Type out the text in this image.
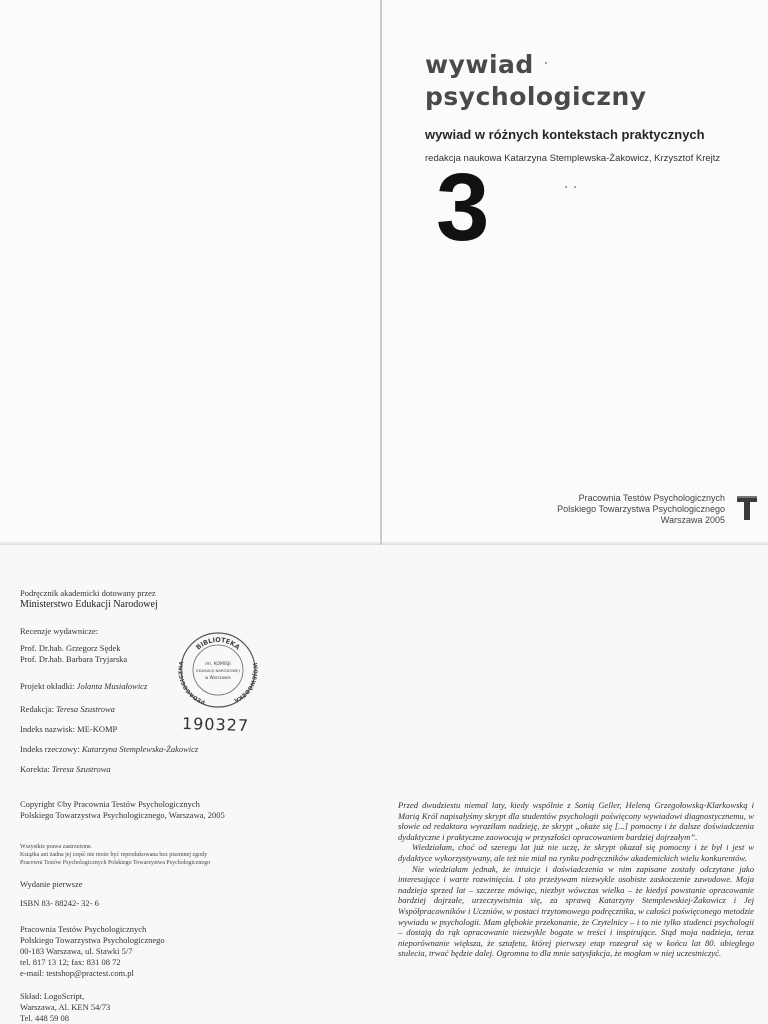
wywiad
psychologiczny
wywiad w różnych kontekstach praktycznych
redakcja naukowa Katarzyna Stemplewska-Żakowicz, Krzysztof Krejtz
3
Pracownia Testów Psychologicznych
Polskiego Towarzystwa Psychologicznego
Warszawa 2005
Podręcznik akademicki dotowany przez
Ministerstwo Edukacji Narodowej
Recenzje wydawnicze:
Prof. Dr.hab. Grzegorz Sędek
Prof. Dr.hab. Barbara Tryjarska
Projekt okładki: Jolanta Musiałowicz
Redakcja: Teresa Szustrowa
Indeks nazwisk: ME-KOMP
Indeks rzeczowy: Katarzyna Stemplewska-Żakowicz
Korekta: Teresa Szustrowa
Copyright ©by Pracownia Testów Psychologicznych
Polskiego Towarzystwa Psychologicznego, Warszawa, 2005
Wszystkie prawa zastrzeżone.
Książka ani żadna jej część nie może być reprodukowana bez pisemnej zgody
Pracowni Testów Psychologicznych Polskiego Towarzystwa Psychologicznego
Wydanie pierwsze
ISBN 83- 88242- 32- 6
Pracownia Testów Psychologicznych
Polskiego Towarzystwa Psychologicznego
00-183 Warszawa, ul. Stawki 5/7
tel. 817 13 12; fax: 831 08 72
e-mail: testshop@practest.com.pl
Skład: LogoScript,
Warszawa, Al. KEN 54/73
Tel. 448 59 08
BIBLIOTEKA
PEDAGOGICZNA	WOJEWÓDZKA
im. KOMISJI
EDUKACJI NARODOWEJ
w Warszawie
190327

Przed dwudziestu niemal laty, kiedy wspólnie z Sonią Geller, Heleną Grzegołowską-Klarkowską i Marią Król napisałyśmy skrypt dla studentów psychologii poświęcony wywiadowi diagnostycznemu, w słowie od redaktora wyraziłam nadzieję, że skrypt „okaże się [...] pomocny i że dalsze doświadczenia dydaktyczne i praktyczne zaowocują w przyszłości opracowaniem bardziej dojrzałym”.

Wiedziałam, choć od szeregu lat już nie uczę, że skrypt okazał się pomocny i że był i jest w dydaktyce wykorzystywany, ale też nie miał na rynku podręczników akademickich wielu konkurentów.

Nie wiedziałam jednak, że intuicje i doświadczenia w nim zapisane zostały odczytane jako interesujące i warte rozwinięcia. I oto przeżywam niezwykle osobiste zaskoczenie zawodowe. Moja nadzieja sprzed lat – szczerze mówiąc, niezbyt wówczas wielka – że kiedyś powstanie opracowanie bardziej dojrzałe, urzeczywistnia się, za sprawą Katarzyny Stemplewskiej-Żakowicz i Jej Współpracowników i Uczniów, w postaci trzytomowego podręcznika, w całości poświęconego metodzie wywiadu w psychologii. Mam głębokie przekonanie, że Czytelnicy – i to nie tylko studenci psychologii – dostają do rąk opracowanie niezwykle bogate w treści i inspirujące. Stąd moja nadzieja, teraz nieporównanie większa, że sztafeta, której pierwszy etap rozegrał się w końcu lat 80. ubiegłego stulecia, trwać będzie dalej. Ogromna to dla mnie satysfakcja, że mogłam w niej uczestniczyć.
